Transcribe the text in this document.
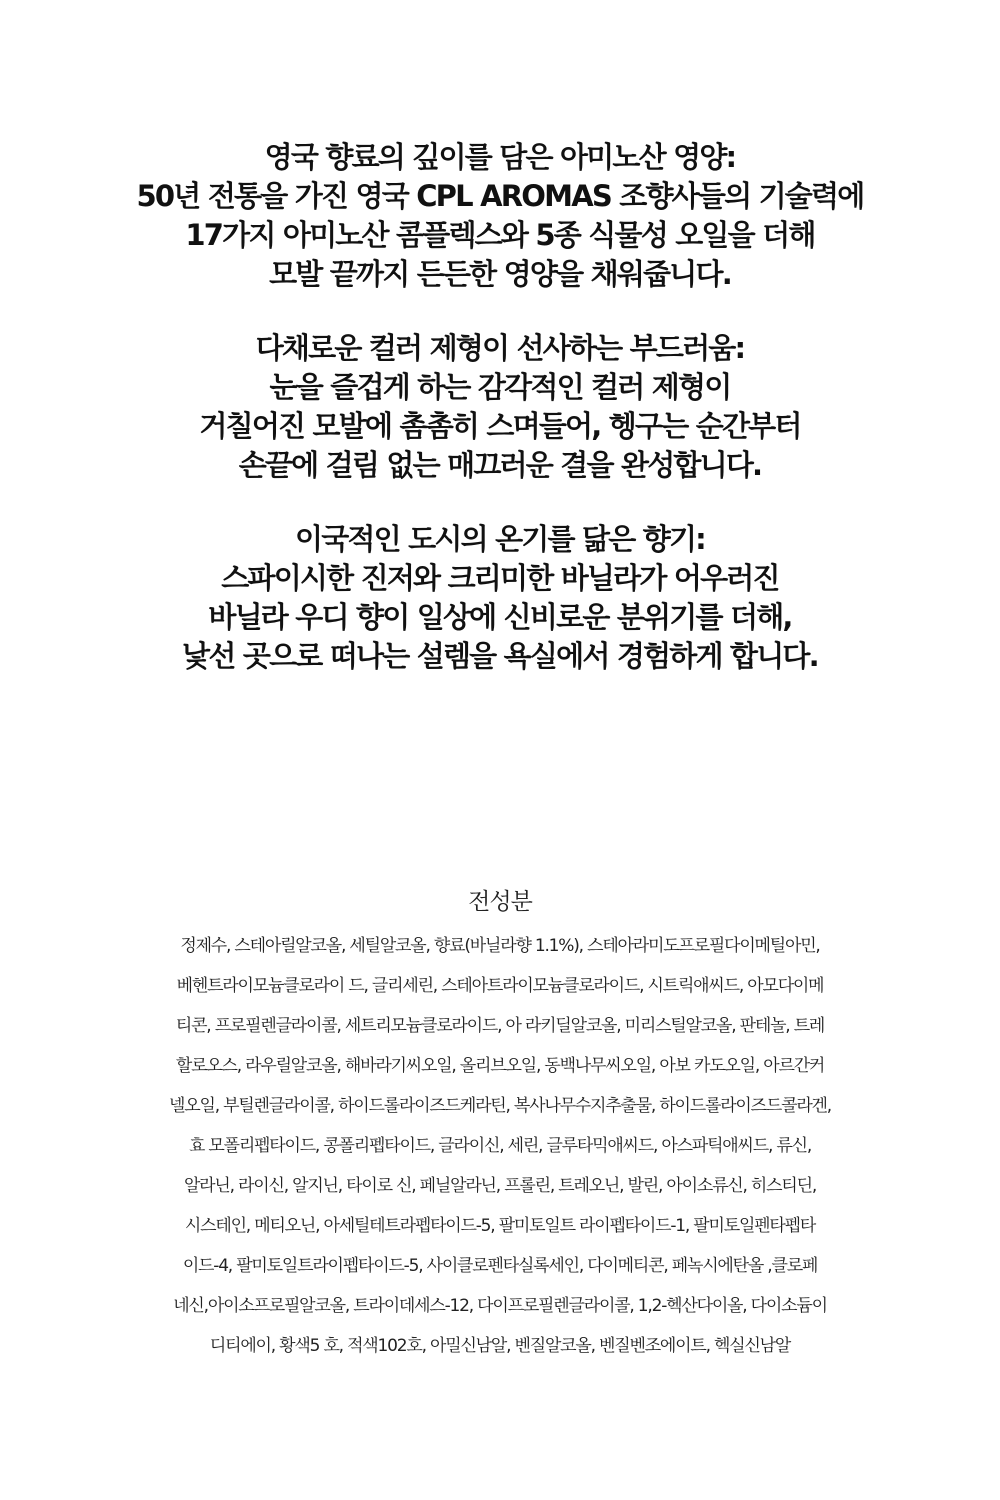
영국 향료의 깊이를 담은 아미노산 영양:
50년 전통을 가진 영국 CPL AROMAS 조향사들의 기술력에
17가지 아미노산 콤플렉스와 5종 식물성 오일을 더해
모발 끝까지 든든한 영양을 채워줍니다.
다채로운 컬러 제형이 선사하는 부드러움:
눈을 즐겁게 하는 감각적인 컬러 제형이
거칠어진 모발에 촘촘히 스며들어, 헹구는 순간부터
손끝에 걸림 없는 매끄러운 결을 완성합니다.
이국적인 도시의 온기를 닮은 향기:
스파이시한 진저와 크리미한 바닐라가 어우러진
바닐라 우디 향이 일상에 신비로운 분위기를 더해,
낯선 곳으로 떠나는 설렘을 욕실에서 경험하게 합니다.
전성분
정제수, 스테아릴알코올, 세틸알코올, 향료(바닐라향 1.1%), 스테아라미도프로필다이메틸아민,
베헨트라이모늄클로라이 드, 글리세린, 스테아트라이모늄클로라이드, 시트릭애씨드, 아모다이메
티콘, 프로필렌글라이콜, 세트리모늄클로라이드, 아 라키딜알코올, 미리스틸알코올, 판테놀, 트레
할로오스, 라우릴알코올, 해바라기씨오일, 올리브오일, 동백나무씨오일, 아보 카도오일, 아르간커
넬오일, 부틸렌글라이콜, 하이드롤라이즈드케라틴, 복사나무수지추출물, 하이드롤라이즈드콜라겐,
효 모폴리펩타이드, 콩폴리펩타이드, 글라이신, 세린, 글루타믹애씨드, 아스파틱애씨드, 류신,
알라닌, 라이신, 알지닌, 타이로 신, 페닐알라닌, 프롤린, 트레오닌, 발린, 아이소류신, 히스티딘,
시스테인, 메티오닌, 아세틸테트라펩타이드-5, 팔미토일트 라이펩타이드-1, 팔미토일펜타펩타
이드-4, 팔미토일트라이펩타이드-5, 사이클로펜타실록세인, 다이메티콘, 페녹시에탄올 ,클로페
네신,아이소프로필알코올, 트라이데세스-12, 다이프로필렌글라이콜, 1,2-헥산다이올, 다이소듐이
디티에이, 황색5 호, 적색102호, 아밀신남알, 벤질알코올, 벤질벤조에이트, 헥실신남알
